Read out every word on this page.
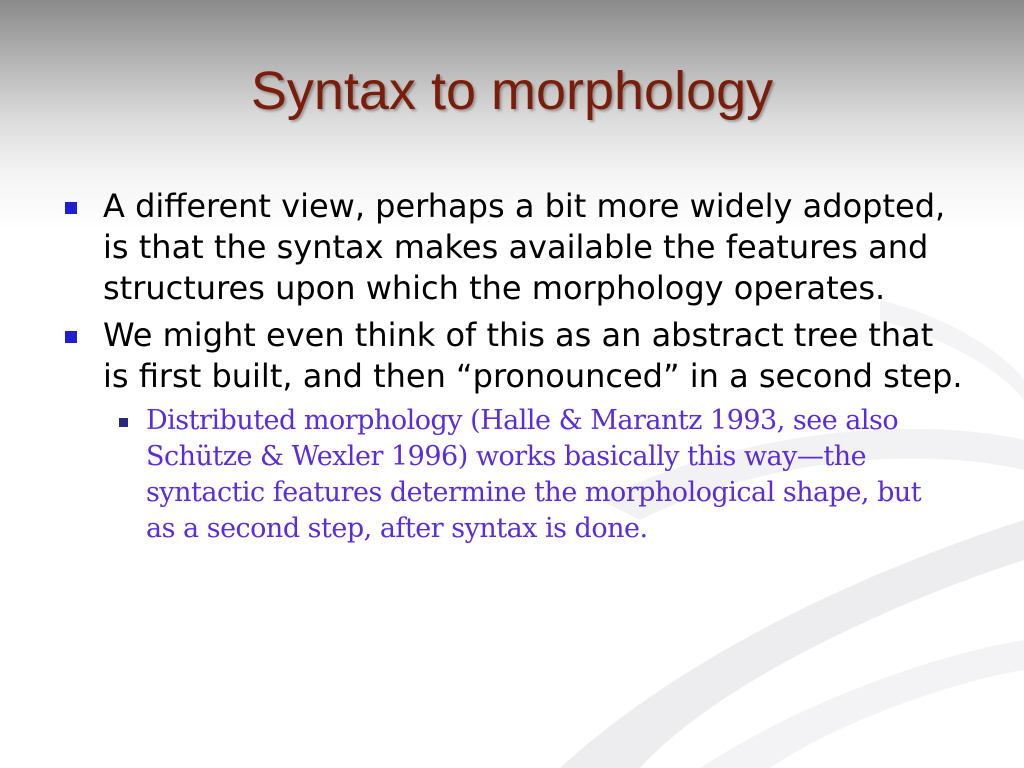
Syntax to morphology
A different view, perhaps a bit more widely adopted, is that the syntax makes available the features and structures upon which the morphology operates.
We might even think of this as an abstract tree that is first built, and then “pronounced” in a second step.
Distributed morphology (Halle & Marantz 1993, see also Schütze & Wexler 1996) works basically this way—the syntactic features determine the morphological shape, but as a second step, after syntax is done.
